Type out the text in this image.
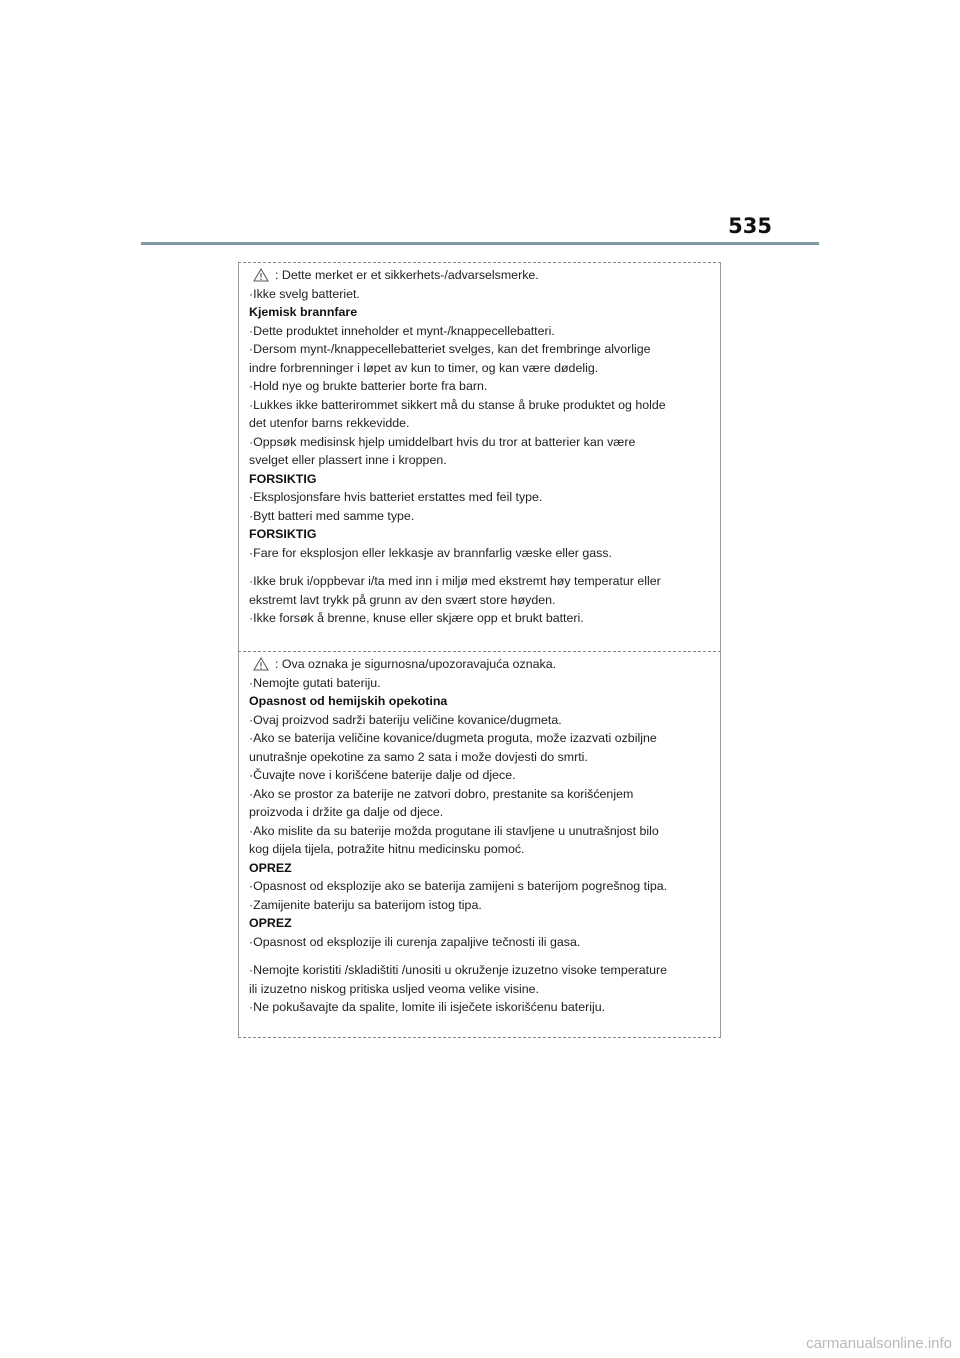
535
: Dette merket er et sikkerhets-/advarselsmerke.
·Ikke svelg batteriet.
Kjemisk brannfare
·Dette produktet inneholder et mynt-/knappecellebatteri.
·Dersom mynt-/knappecellebatteriet svelges, kan det frembringe alvorlige
indre forbrenninger i løpet av kun to timer, og kan være dødelig.
·Hold nye og brukte batterier borte fra barn.
·Lukkes ikke batterirommet sikkert må du stanse å bruke produktet og holde
det utenfor barns rekkevidde.
·Oppsøk medisinsk hjelp umiddelbart hvis du tror at batterier kan være
svelget eller plassert inne i kroppen.
FORSIKTIG
·Eksplosjonsfare hvis batteriet erstattes med feil type.
·Bytt batteri med samme type.
FORSIKTIG
·Fare for eksplosjon eller lekkasje av brannfarlig væske eller gass.
·Ikke bruk i/oppbevar i/ta med inn i miljø med ekstremt høy temperatur eller
ekstremt lavt trykk på grunn av den svært store høyden.
·Ikke forsøk å brenne, knuse eller skjære opp et brukt batteri.
: Ova oznaka je sigurnosna/upozoravajuća oznaka.
·Nemojte gutati bateriju.
Opasnost od hemijskih opekotina
·Ovaj proizvod sadrži bateriju veličine kovanice/dugmeta.
·Ako se baterija veličine kovanice/dugmeta proguta, može izazvati ozbiljne
unutrašnje opekotine za samo 2 sata i može dovjesti do smrti.
·Čuvajte nove i korišćene baterije dalje od djece.
·Ako se prostor za baterije ne zatvori dobro, prestanite sa korišćenjem
proizvoda i držite ga dalje od djece.
·Ako mislite da su baterije možda progutane ili stavljene u unutrašnjost bilo
kog dijela tijela, potražite hitnu medicinsku pomoć.
OPREZ
·Opasnost od eksplozije ako se baterija zamijeni s baterijom pogrešnog tipa.
·Zamijenite bateriju sa baterijom istog tipa.
OPREZ
·Opasnost od eksplozije ili curenja zapaljive tečnosti ili gasa.
·Nemojte koristiti /skladištiti /unositi u okruženje izuzetno visoke temperature
ili izuzetno niskog pritiska usljed veoma velike visine.
·Ne pokušavajte da spalite, lomite ili isječete iskorišćenu bateriju.
carmanualsonline.info
